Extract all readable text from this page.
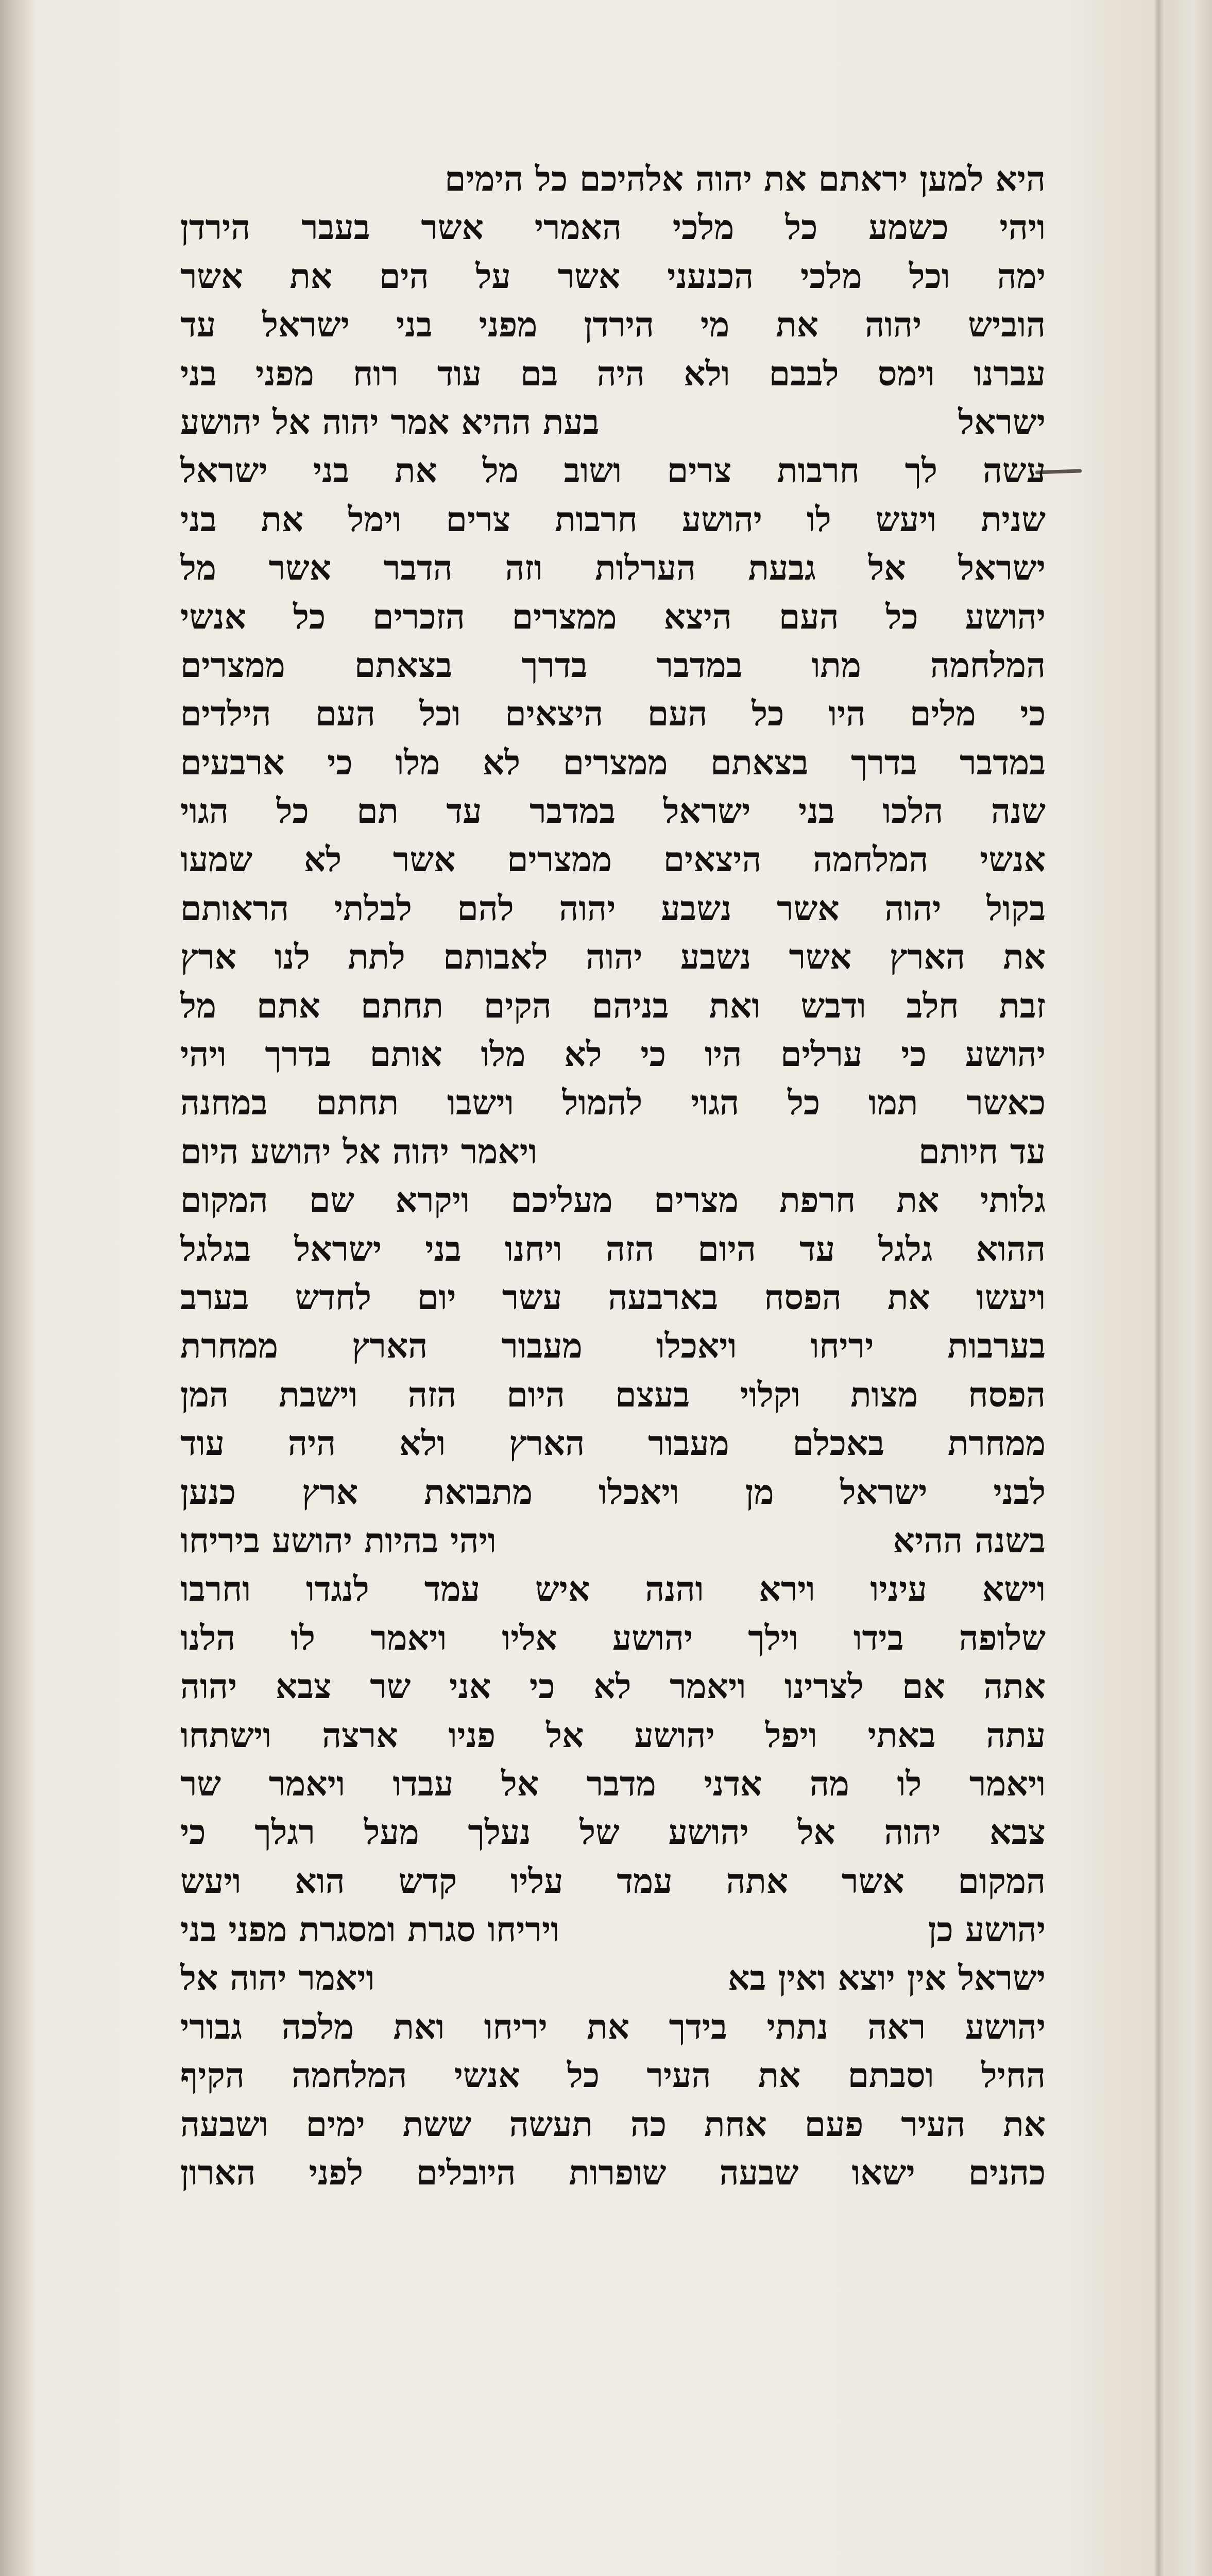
היא למען יראתם את יהוה אלהיכם כל הימים
ויהי כשמע כל מלכי האמרי אשר בעבר הירדן
ימה וכל מלכי הכנעני אשר על הים את אשר
הוביש יהוה את מי הירדן מפני בני ישראל עד
עברנו וימס לבבם ולא היה בם עוד רוח מפני בני
ישראל
בעת ההיא אמר יהוה אל יהושע
עשה לך חרבות צרים ושוב מל את בני ישראל
שנית ויעש לו יהושע חרבות צרים וימל את בני
ישראל אל גבעת הערלות וזה הדבר אשר מל
יהושע כל העם היצא ממצרים הזכרים כל אנשי
המלחמה מתו במדבר בדרך בצאתם ממצרים
כי מלים היו כל העם היצאים וכל העם הילדים
במדבר בדרך בצאתם ממצרים לא מלו כי ארבעים
שנה הלכו בני ישראל במדבר עד תם כל הגוי
אנשי המלחמה היצאים ממצרים אשר לא שמעו
בקול יהוה אשר נשבע יהוה להם לבלתי הראותם
את הארץ אשר נשבע יהוה לאבותם לתת לנו ארץ
זבת חלב ודבש ואת בניהם הקים תחתם אתם מל
יהושע כי ערלים היו כי לא מלו אותם בדרך ויהי
כאשר תמו כל הגוי להמול וישבו תחתם במחנה
עד חיותם
ויאמר יהוה אל יהושע היום
גלותי את חרפת מצרים מעליכם ויקרא שם המקום
ההוא גלגל עד היום הזה ויחנו בני ישראל בגלגל
ויעשו את הפסח בארבעה עשר יום לחדש בערב
בערבות יריחו ויאכלו מעבור הארץ ממחרת
הפסח מצות וקלוי בעצם היום הזה וישבת המן
ממחרת באכלם מעבור הארץ ולא היה עוד
לבני ישראל מן ויאכלו מתבואת ארץ כנען
בשנה ההיא
ויהי בהיות יהושע ביריחו
וישא עיניו וירא והנה איש עמד לנגדו וחרבו
שלופה בידו וילך יהושע אליו ויאמר לו הלנו
אתה אם לצרינו ויאמר לא כי אני שר צבא יהוה
עתה באתי ויפל יהושע אל פניו ארצה וישתחו
ויאמר לו מה אדני מדבר אל עבדו ויאמר שר
צבא יהוה אל יהושע של נעלך מעל רגלך כי
המקום אשר אתה עמד עליו קדש הוא ויעש
יהושע כן
ויריחו סגרת ומסגרת מפני בני
ישראל אין יוצא ואין בא
ויאמר יהוה אל
יהושע ראה נתתי בידך את יריחו ואת מלכה גבורי
החיל וסבתם את העיר כל אנשי המלחמה הקיף
את העיר פעם אחת כה תעשה ששת ימים ושבעה
כהנים ישאו שבעה שופרות היובלים לפני הארון
